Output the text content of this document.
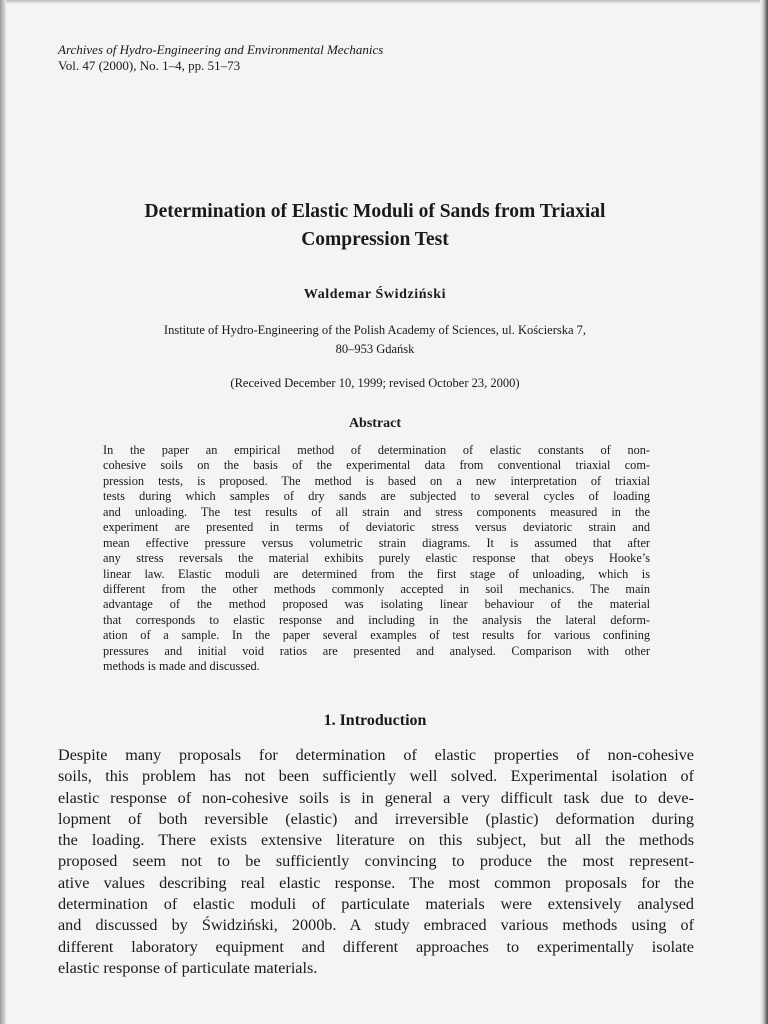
Archives of Hydro-Engineering and Environmental Mechanics
Vol. 47 (2000), No. 1–4, pp. 51–73
Determination of Elastic Moduli of Sands from Triaxial
Compression Test
Waldemar Świdziński
Institute of Hydro-Engineering of the Polish Academy of Sciences, ul. Kościerska 7,
80–953 Gdańsk
(Received December 10, 1999; revised October 23, 2000)
Abstract
In the paper an empirical method of determination of elastic constants of non-
cohesive soils on the basis of the experimental data from conventional triaxial com-
pression tests, is proposed. The method is based on a new interpretation of triaxial
tests during which samples of dry sands are subjected to several cycles of loading
and unloading. The test results of all strain and stress components measured in the
experiment are presented in terms of deviatoric stress versus deviatoric strain and
mean effective pressure versus volumetric strain diagrams. It is assumed that after
any stress reversals the material exhibits purely elastic response that obeys Hooke’s
linear law. Elastic moduli are determined from the first stage of unloading, which is
different from the other methods commonly accepted in soil mechanics. The main
advantage of the method proposed was isolating linear behaviour of the material
that corresponds to elastic response and including in the analysis the lateral deform-
ation of a sample. In the paper several examples of test results for various confining
pressures and initial void ratios are presented and analysed. Comparison with other
methods is made and discussed.
1. Introduction
Despite many proposals for determination of elastic properties of non-cohesive
soils, this problem has not been sufficiently well solved. Experimental isolation of
elastic response of non-cohesive soils is in general a very difficult task due to deve-
lopment of both reversible (elastic) and irreversible (plastic) deformation during
the loading. There exists extensive literature on this subject, but all the methods
proposed seem not to be sufficiently convincing to produce the most represent-
ative values describing real elastic response. The most common proposals for the
determination of elastic moduli of particulate materials were extensively analysed
and discussed by Świdziński, 2000b. A study embraced various methods using of
different laboratory equipment and different approaches to experimentally isolate
elastic response of particulate materials.
